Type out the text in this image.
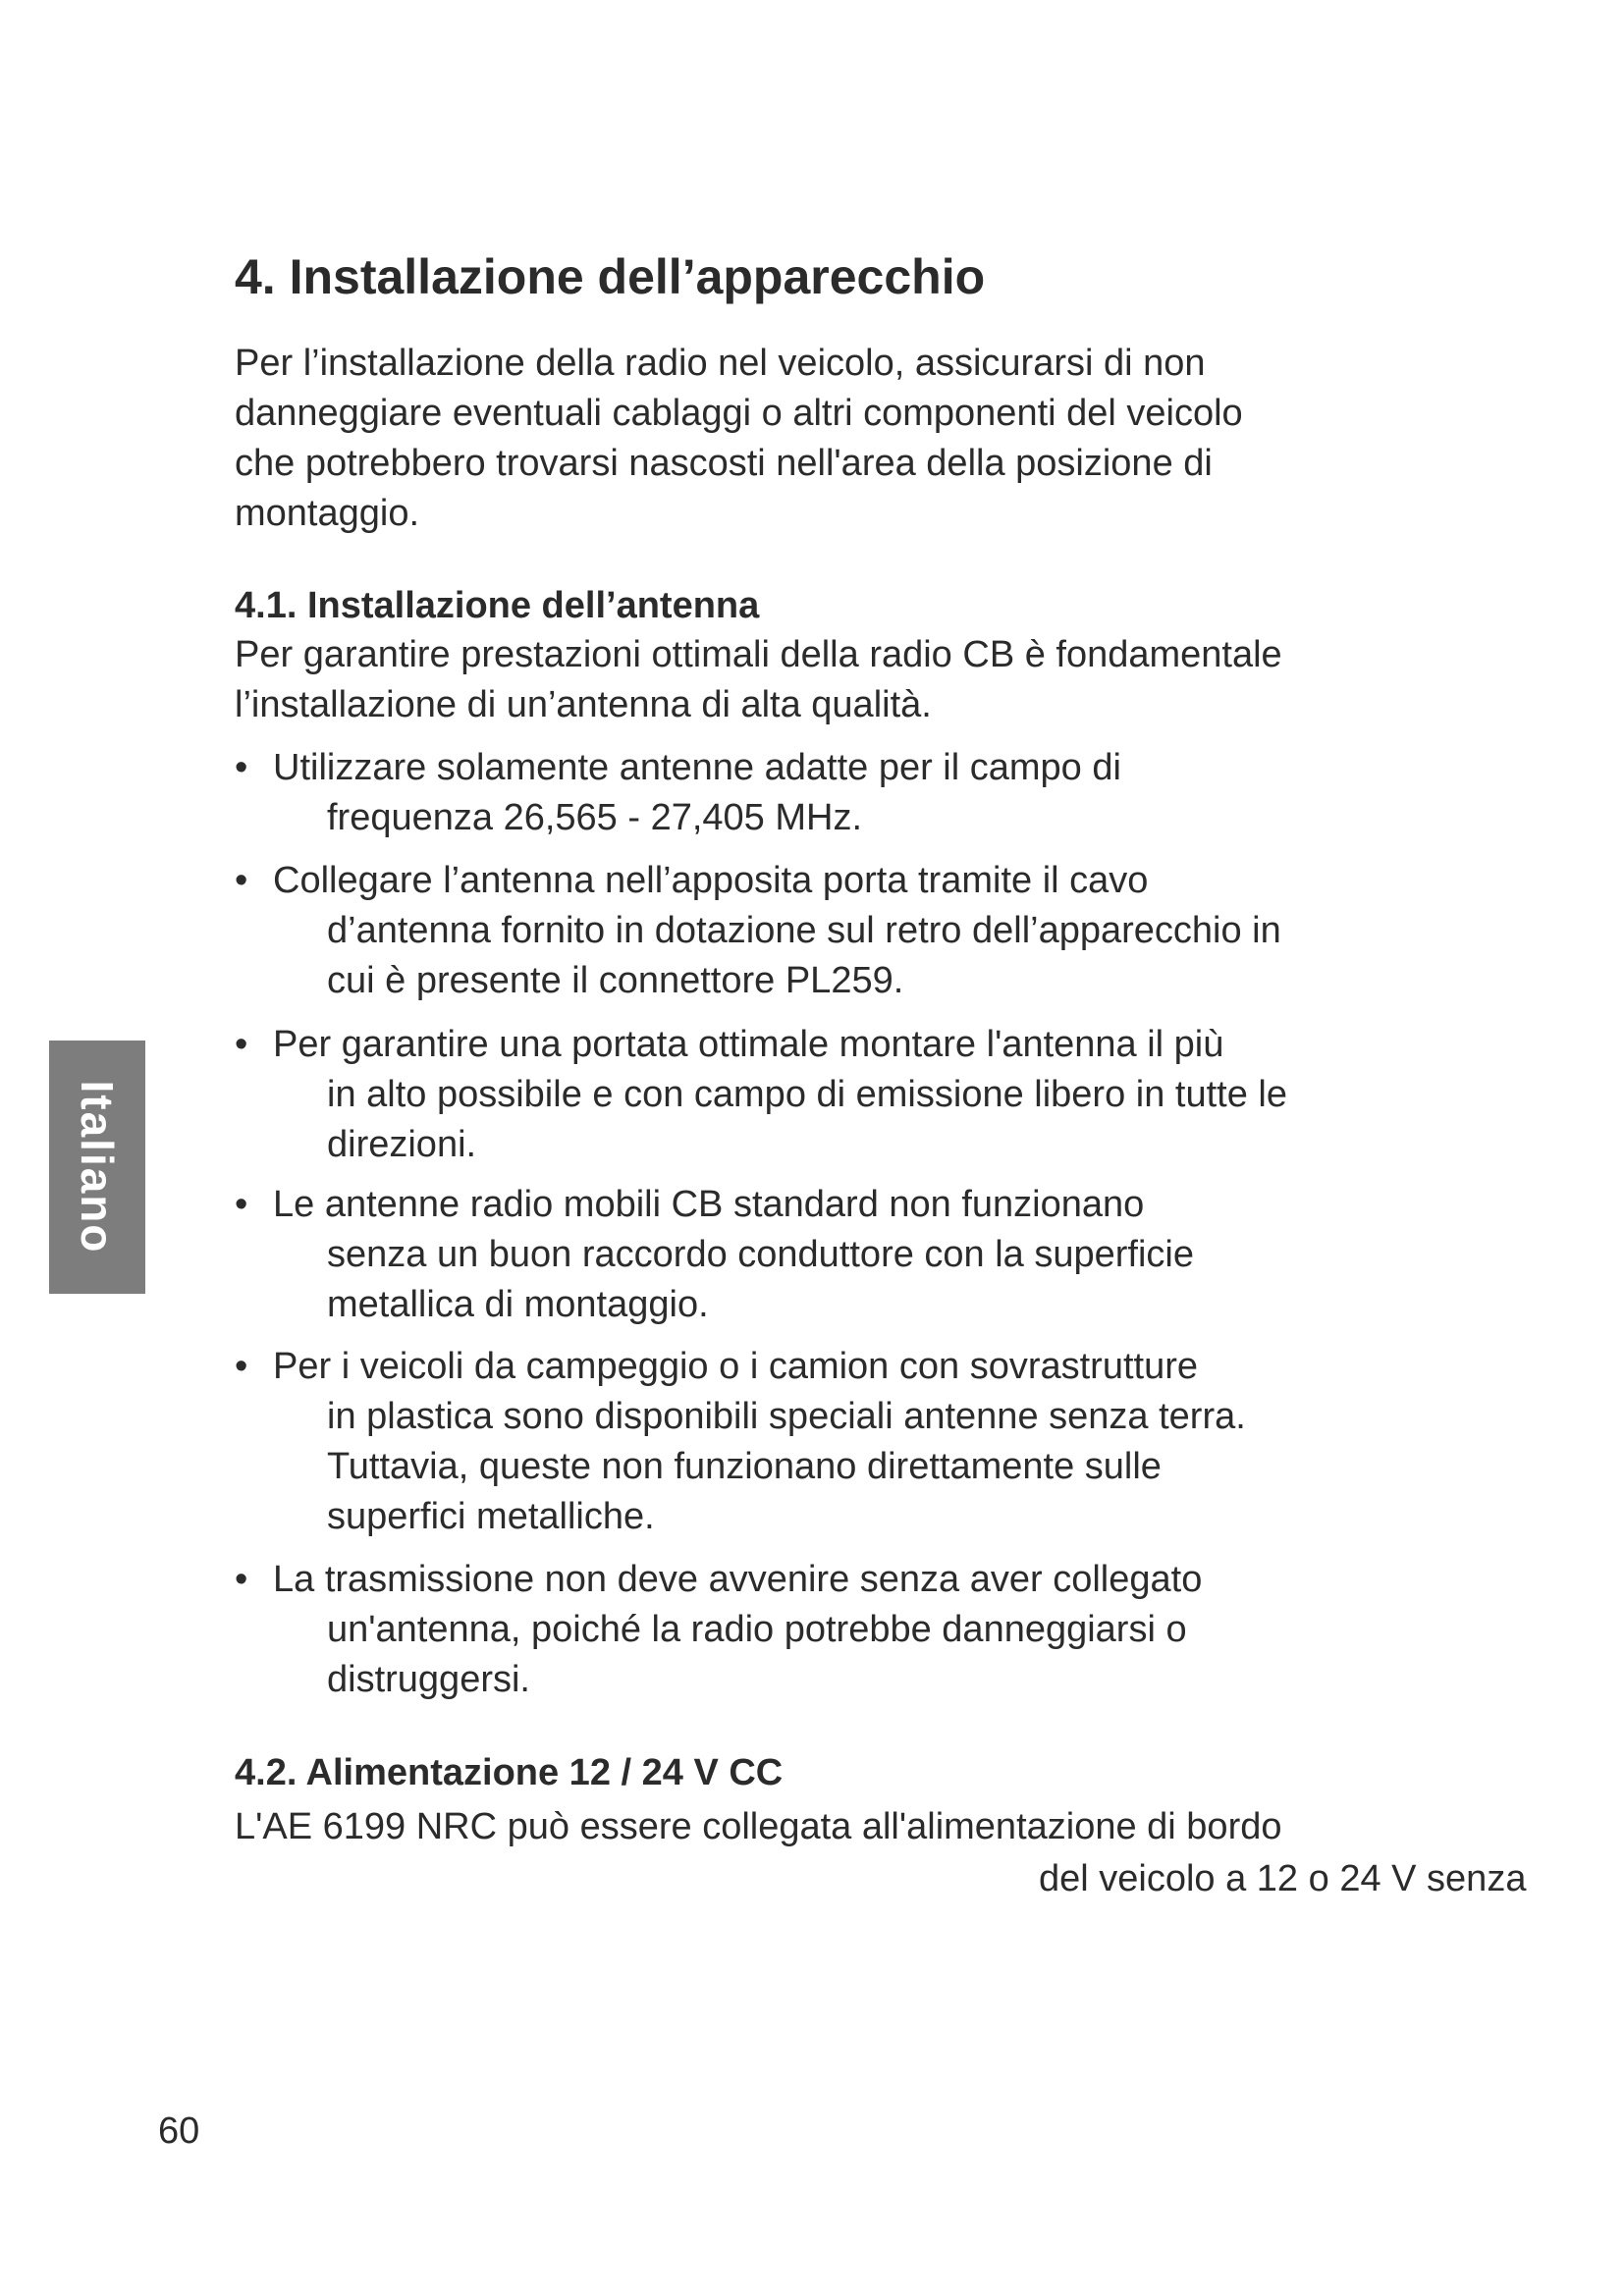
4. Installazione dell’apparecchio
Per l’installazione della radio nel veicolo, assicurarsi di non
danneggiare eventuali cablaggi o altri componenti del veicolo
che potrebbero trovarsi nascosti nell'area della posizione di
montaggio.
4.1. Installazione dell’antenna
Per garantire prestazioni ottimali della radio CB è fondamentale
l’installazione di un’antenna di alta qualità.
• Utilizzare solamente antenne adatte per il campo di
frequenza 26,565 - 27,405 MHz.
• Collegare l’antenna nell’apposita porta tramite il cavo
d’antenna fornito in dotazione sul retro dell’apparecchio in
cui è presente il connettore PL259.
• Per garantire una portata ottimale montare l'antenna il più
in alto possibile e con campo di emissione libero in tutte le
direzioni.
• Le antenne radio mobili CB standard non funzionano
senza un buon raccordo conduttore con la superficie
metallica di montaggio.
• Per i veicoli da campeggio o i camion con sovrastrutture
in plastica sono disponibili speciali antenne senza terra.
Tuttavia, queste non funzionano direttamente sulle
superfici metalliche.
• La trasmissione non deve avvenire senza aver collegato
un'antenna, poiché la radio potrebbe danneggiarsi o
distruggersi.
4.2. Alimentazione 12 / 24 V CC
L'AE 6199 NRC può essere collegata all'alimentazione di bordo
del veicolo a 12 o 24 V senza
Italiano
60
